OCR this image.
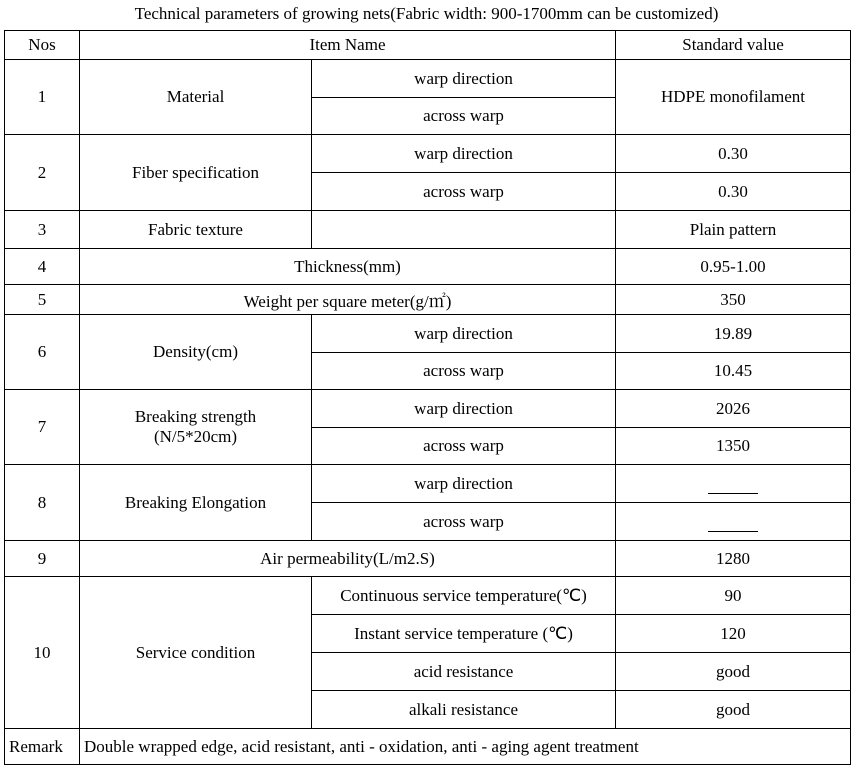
Technical parameters of growing nets(Fabric width: 900-1700mm can be customized)
Nos	Item Name		Standard value
1	Material	warp direction	HDPE monofilament
		across warp	
2	Fiber specification	warp direction	0.30
		across warp	0.30
3	Fabric texture		Plain pattern
4	Thickness(mm)		0.95-1.00
5	Weight per square meter(g/㎡)		350
6	Density(cm)	warp direction	19.89
		across warp	10.45
7	Breaking strength
(N/5*20cm)	warp direction	2026
		across warp	1350
8	Breaking Elongation	warp direction	
		across warp	
9	Air permeability(L/m2.S)		1280
10	Service condition	Continuous service temperature(℃)	90
		Instant service temperature (℃)	120
		acid resistance	good
		alkali resistance	good
Remark	Double wrapped edge, acid resistant, anti - oxidation, anti - aging agent treatment		
